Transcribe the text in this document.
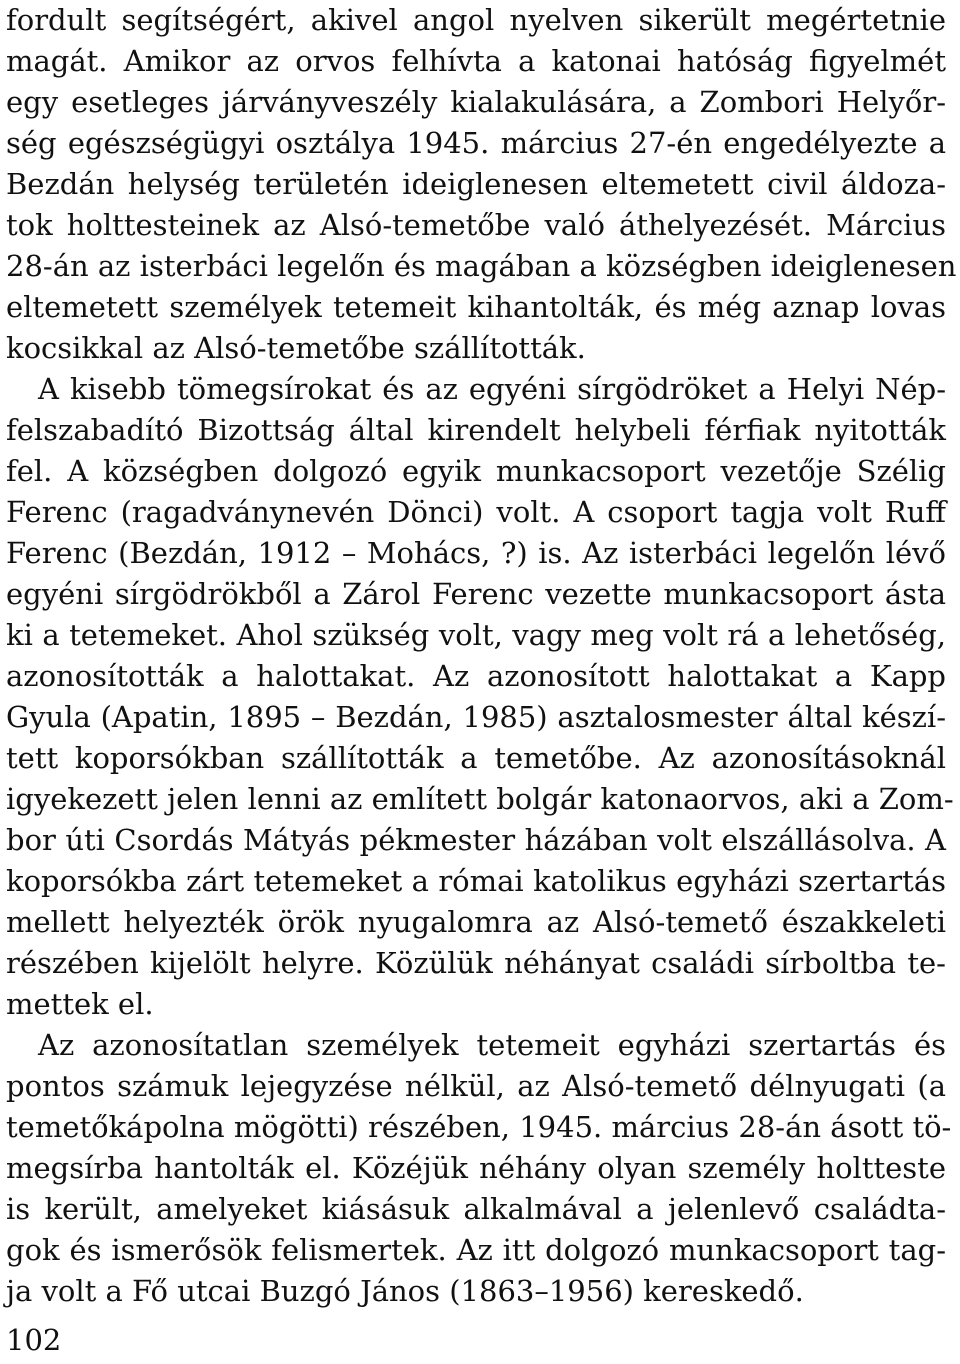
fordult segítségért, akivel angol nyelven sikerült megértetnie
magát. Amikor az orvos felhívta a katonai hatóság figyelmét
egy esetleges járványveszély kialakulására, a Zombori Helyőr-
ség egészségügyi osztálya 1945. március 27-én engedélyezte a
Bezdán helység területén ideiglenesen eltemetett civil áldoza-
tok holttesteinek az Alsó-temetőbe való áthelyezését. Március
28-án az isterbáci legelőn és magában a községben ideiglenesen
eltemetett személyek tetemeit kihantolták, és még aznap lovas
kocsikkal az Alsó-temetőbe szállították.
A kisebb tömegsírokat és az egyéni sírgödröket a Helyi Nép-
felszabadító Bizottság által kirendelt helybeli férfiak nyitották
fel. A községben dolgozó egyik munkacsoport vezetője Szélig
Ferenc (ragadványnevén Dönci) volt. A csoport tagja volt Ruff
Ferenc (Bezdán, 1912 – Mohács, ?) is. Az isterbáci legelőn lévő
egyéni sírgödrökből a Zárol Ferenc vezette munkacsoport ásta
ki a tetemeket. Ahol szükség volt, vagy meg volt rá a lehetőség,
azonosították a halottakat. Az azonosított halottakat a Kapp
Gyula (Apatin, 1895 – Bezdán, 1985) asztalosmester által készí-
tett koporsókban szállították a temetőbe. Az azonosításoknál
igyekezett jelen lenni az említett bolgár katonaorvos, aki a Zom-
bor úti Csordás Mátyás pékmester házában volt elszállásolva. A
koporsókba zárt tetemeket a római katolikus egyházi szertartás
mellett helyezték örök nyugalomra az Alsó-temető északkeleti
részében kijelölt helyre. Közülük néhányat családi sírboltba te-
mettek el.
Az azonosítatlan személyek tetemeit egyházi szertartás és
pontos számuk lejegyzése nélkül, az Alsó-temető délnyugati (a
temetőkápolna mögötti) részében, 1945. március 28-án ásott tö-
megsírba hantolták el. Közéjük néhány olyan személy holtteste
is került, amelyeket kiásásuk alkalmával a jelenlevő családta-
gok és ismerősök felismertek. Az itt dolgozó munkacsoport tag-
ja volt a Fő utcai Buzgó János (1863–1956) kereskedő.
102
